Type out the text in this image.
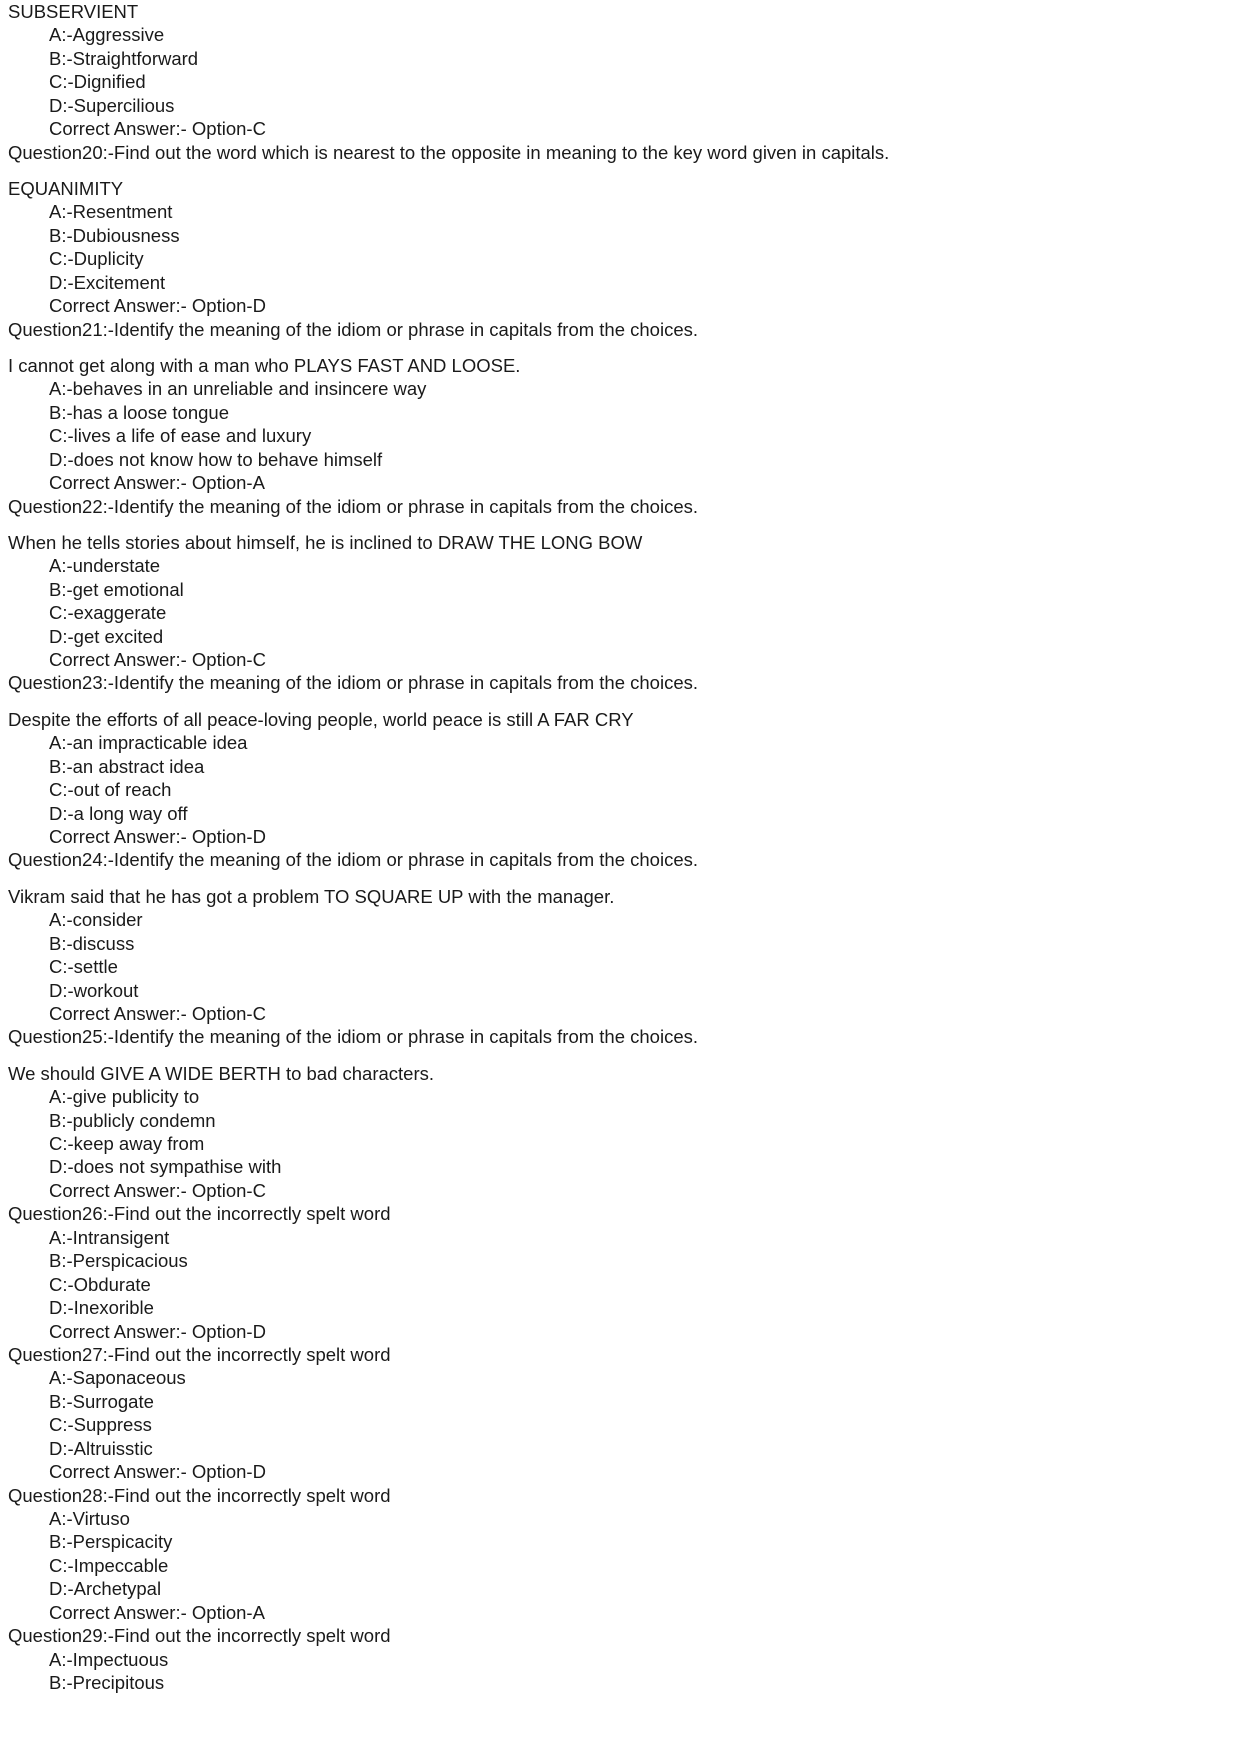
SUBSERVIENT
A:-Aggressive
B:-Straightforward
C:-Dignified
D:-Supercilious
Correct Answer:- Option-C
Question20:-Find out the word which is nearest to the opposite in meaning to the key word given in capitals.
EQUANIMITY
A:-Resentment
B:-Dubiousness
C:-Duplicity
D:-Excitement
Correct Answer:- Option-D
Question21:-Identify the meaning of the idiom or phrase in capitals from the choices.
I cannot get along with a man who PLAYS FAST AND LOOSE.
A:-behaves in an unreliable and insincere way
B:-has a loose tongue
C:-lives a life of ease and luxury
D:-does not know how to behave himself
Correct Answer:- Option-A
Question22:-Identify the meaning of the idiom or phrase in capitals from the choices.
When he tells stories about himself, he is inclined to DRAW THE LONG BOW
A:-understate
B:-get emotional
C:-exaggerate
D:-get excited
Correct Answer:- Option-C
Question23:-Identify the meaning of the idiom or phrase in capitals from the choices.
Despite the efforts of all peace-loving people, world peace is still A FAR CRY
A:-an impracticable idea
B:-an abstract idea
C:-out of reach
D:-a long way off
Correct Answer:- Option-D
Question24:-Identify the meaning of the idiom or phrase in capitals from the choices.
Vikram said that he has got a problem TO SQUARE UP with the manager.
A:-consider
B:-discuss
C:-settle
D:-workout
Correct Answer:- Option-C
Question25:-Identify the meaning of the idiom or phrase in capitals from the choices.
We should GIVE A WIDE BERTH to bad characters.
A:-give publicity to
B:-publicly condemn
C:-keep away from
D:-does not sympathise with
Correct Answer:- Option-C
Question26:-Find out the incorrectly spelt word
A:-Intransigent
B:-Perspicacious
C:-Obdurate
D:-Inexorible
Correct Answer:- Option-D
Question27:-Find out the incorrectly spelt word
A:-Saponaceous
B:-Surrogate
C:-Suppress
D:-Altruisstic
Correct Answer:- Option-D
Question28:-Find out the incorrectly spelt word
A:-Virtuso
B:-Perspicacity
C:-Impeccable
D:-Archetypal
Correct Answer:- Option-A
Question29:-Find out the incorrectly spelt word
A:-Impectuous
B:-Precipitous
